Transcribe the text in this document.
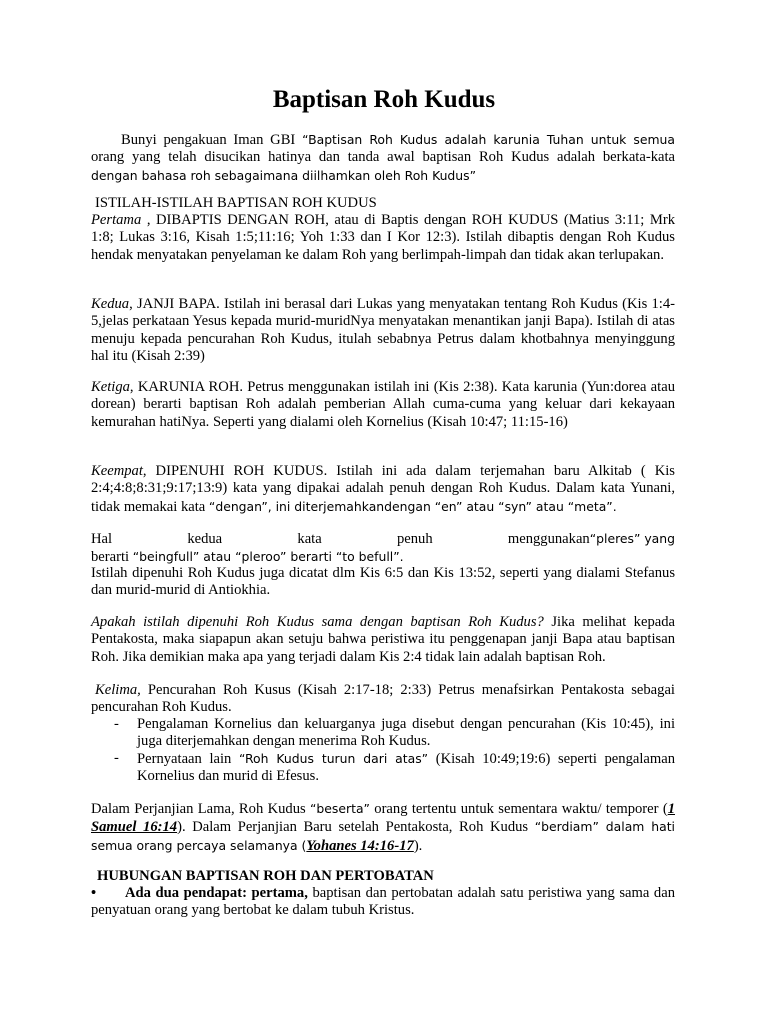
Baptisan Roh Kudus
Bunyi pengakuan Iman GBI “Baptisan Roh Kudus adalah karunia Tuhan untuk semua orang yang telah disucikan hatinya dan tanda awal baptisan Roh Kudus adalah berkata-kata dengan bahasa roh sebagaimana diilhamkan oleh Roh Kudus”
ISTILAH-ISTILAH BAPTISAN ROH KUDUS
Pertama , DIBAPTIS DENGAN ROH, atau di Baptis dengan ROH KUDUS (Matius 3:11; Mrk 1:8; Lukas 3:16, Kisah 1:5;11:16; Yoh 1:33 dan I Kor 12:3). Istilah dibaptis dengan Roh Kudus hendak menyatakan penyelaman ke dalam Roh yang berlimpah-limpah dan tidak akan terlupakan.
Kedua, JANJI BAPA. Istilah ini berasal dari Lukas yang menyatakan tentang Roh Kudus (Kis 1:4-5,jelas perkataan Yesus kepada murid-muridNya menyatakan menantikan janji Bapa). Istilah di atas menuju kepada pencurahan Roh Kudus, itulah sebabnya Petrus dalam khotbahnya menyinggung hal itu (Kisah 2:39)
Ketiga, KARUNIA ROH. Petrus menggunakan istilah ini (Kis 2:38). Kata karunia (Yun:dorea atau dorean) berarti baptisan Roh adalah pemberian Allah cuma-cuma yang keluar dari kekayaan kemurahan hatiNya. Seperti yang dialami oleh Kornelius (Kisah 10:47; 11:15-16)
Keempat, DIPENUHI ROH KUDUS. Istilah ini ada dalam terjemahan baru Alkitab ( Kis 2:4;4:8;8:31;9:17;13:9) kata yang dipakai adalah penuh dengan Roh Kudus. Dalam kata Yunani, tidak memakai kata “dengan”, ini diterjemahkandengan “en” atau “syn” atau “meta”.
Hal	kedua	kata	penuh	menggunakan“pleres” yang
berarti “beingfull” atau “pleroo” berarti “to befull”.
Istilah dipenuhi Roh Kudus juga dicatat dlm Kis 6:5 dan Kis 13:52, seperti yang dialami Stefanus dan murid-murid di Antiokhia.
Apakah istilah dipenuhi Roh Kudus sama dengan baptisan Roh Kudus? Jika melihat kepada Pentakosta, maka siapapun akan setuju bahwa peristiwa itu penggenapan janji Bapa atau baptisan Roh. Jika demikian maka apa yang terjadi dalam Kis 2:4 tidak lain adalah baptisan Roh.
Kelima, Pencurahan Roh Kusus (Kisah 2:17-18; 2:33) Petrus menafsirkan Pentakosta sebagai pencurahan Roh Kudus.
- Pengalaman Kornelius dan keluarganya juga disebut dengan pencurahan (Kis 10:45), ini juga diterjemahkan dengan menerima Roh Kudus.
- Pernyataan lain “Roh Kudus turun dari atas” (Kisah 10:49;19:6) seperti pengalaman Kornelius dan murid di Efesus.
Dalam Perjanjian Lama, Roh Kudus “beserta” orang tertentu untuk sementara waktu/ temporer (1 Samuel 16:14). Dalam Perjanjian Baru setelah Pentakosta, Roh Kudus “berdiam” dalam hati semua orang percaya selamanya (Yohanes 14:16-17).
HUBUNGAN BAPTISAN ROH DAN PERTOBATAN
• Ada dua pendapat: pertama, baptisan dan pertobatan adalah satu peristiwa yang sama dan penyatuan orang yang bertobat ke dalam tubuh Kristus.
